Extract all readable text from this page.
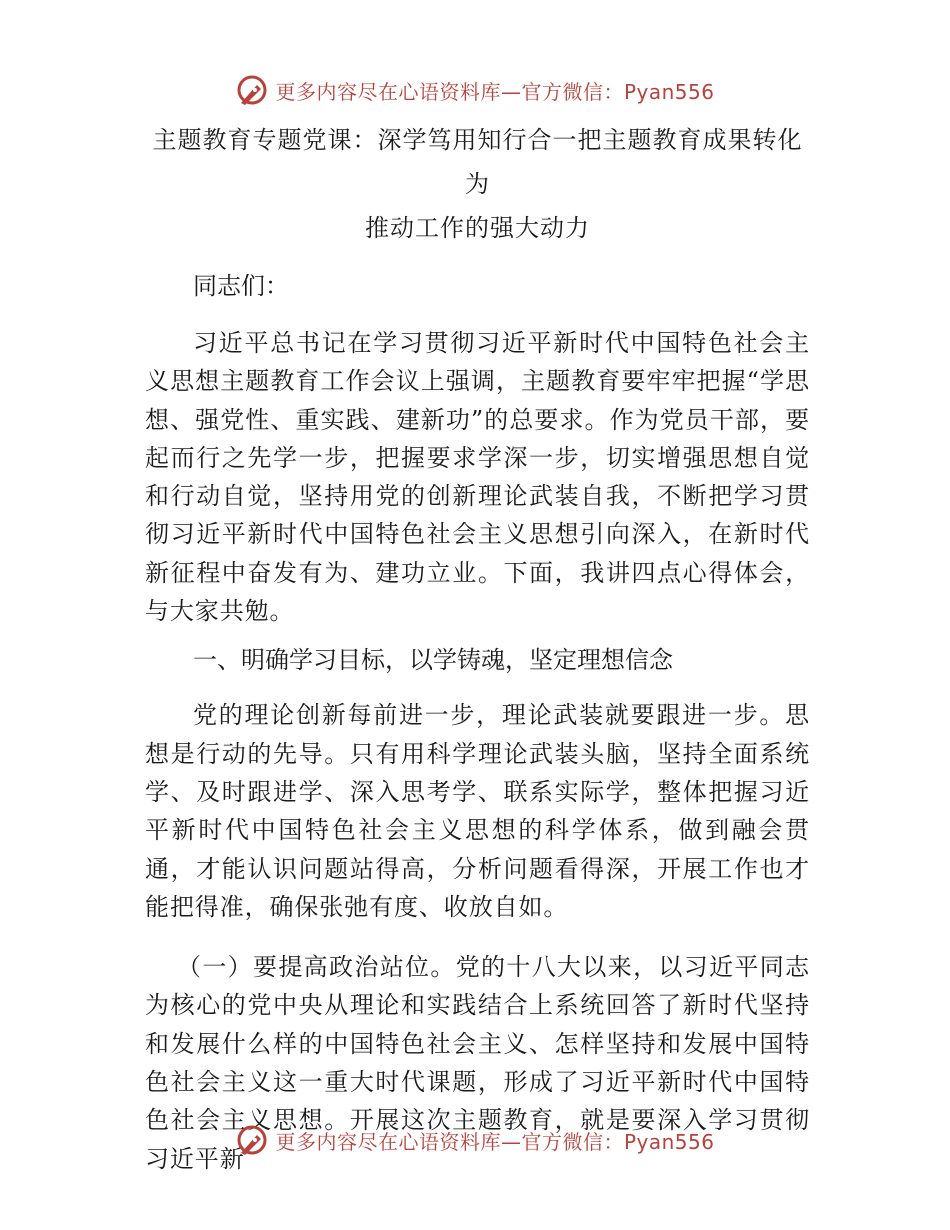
更多内容尽在心语资料库—官方微信：Pyan556
主题教育专题党课：深学笃用知行合一把主题教育成果转化为
推动工作的强大动力

同志们：

习近平总书记在学习贯彻习近平新时代中国特色社会主义思想主题教育工作会议上强调，主题教育要牢牢把握“学思想、强党性、重实践、建新功”的总要求。作为党员干部，要起而行之先学一步，把握要求学深一步，切实增强思想自觉和行动自觉，坚持用党的创新理论武装自我，不断把学习贯彻习近平新时代中国特色社会主义思想引向深入，在新时代新征程中奋发有为、建功立业。下面，我讲四点心得体会，与大家共勉。

一、明确学习目标，以学铸魂，坚定理想信念

党的理论创新每前进一步，理论武装就要跟进一步。思想是行动的先导。只有用科学理论武装头脑，坚持全面系统学、及时跟进学、深入思考学、联系实际学，整体把握习近平新时代中国特色社会主义思想的科学体系，做到融会贯通，才能认识问题站得高，分析问题看得深，开展工作也才能把得准，确保张弛有度、收放自如。

（一）要提高政治站位。党的十八大以来，以习近平同志为核心的党中央从理论和实践结合上系统回答了新时代坚持和发展什么样的中国特色社会主义、怎样坚持和发展中国特色社会主义这一重大时代课题，形成了习近平新时代中国特色社会主义思想。开展这次主题教育，就是要深入学习贯彻习近平新

更多内容尽在心语资料库—官方微信：Pyan556
